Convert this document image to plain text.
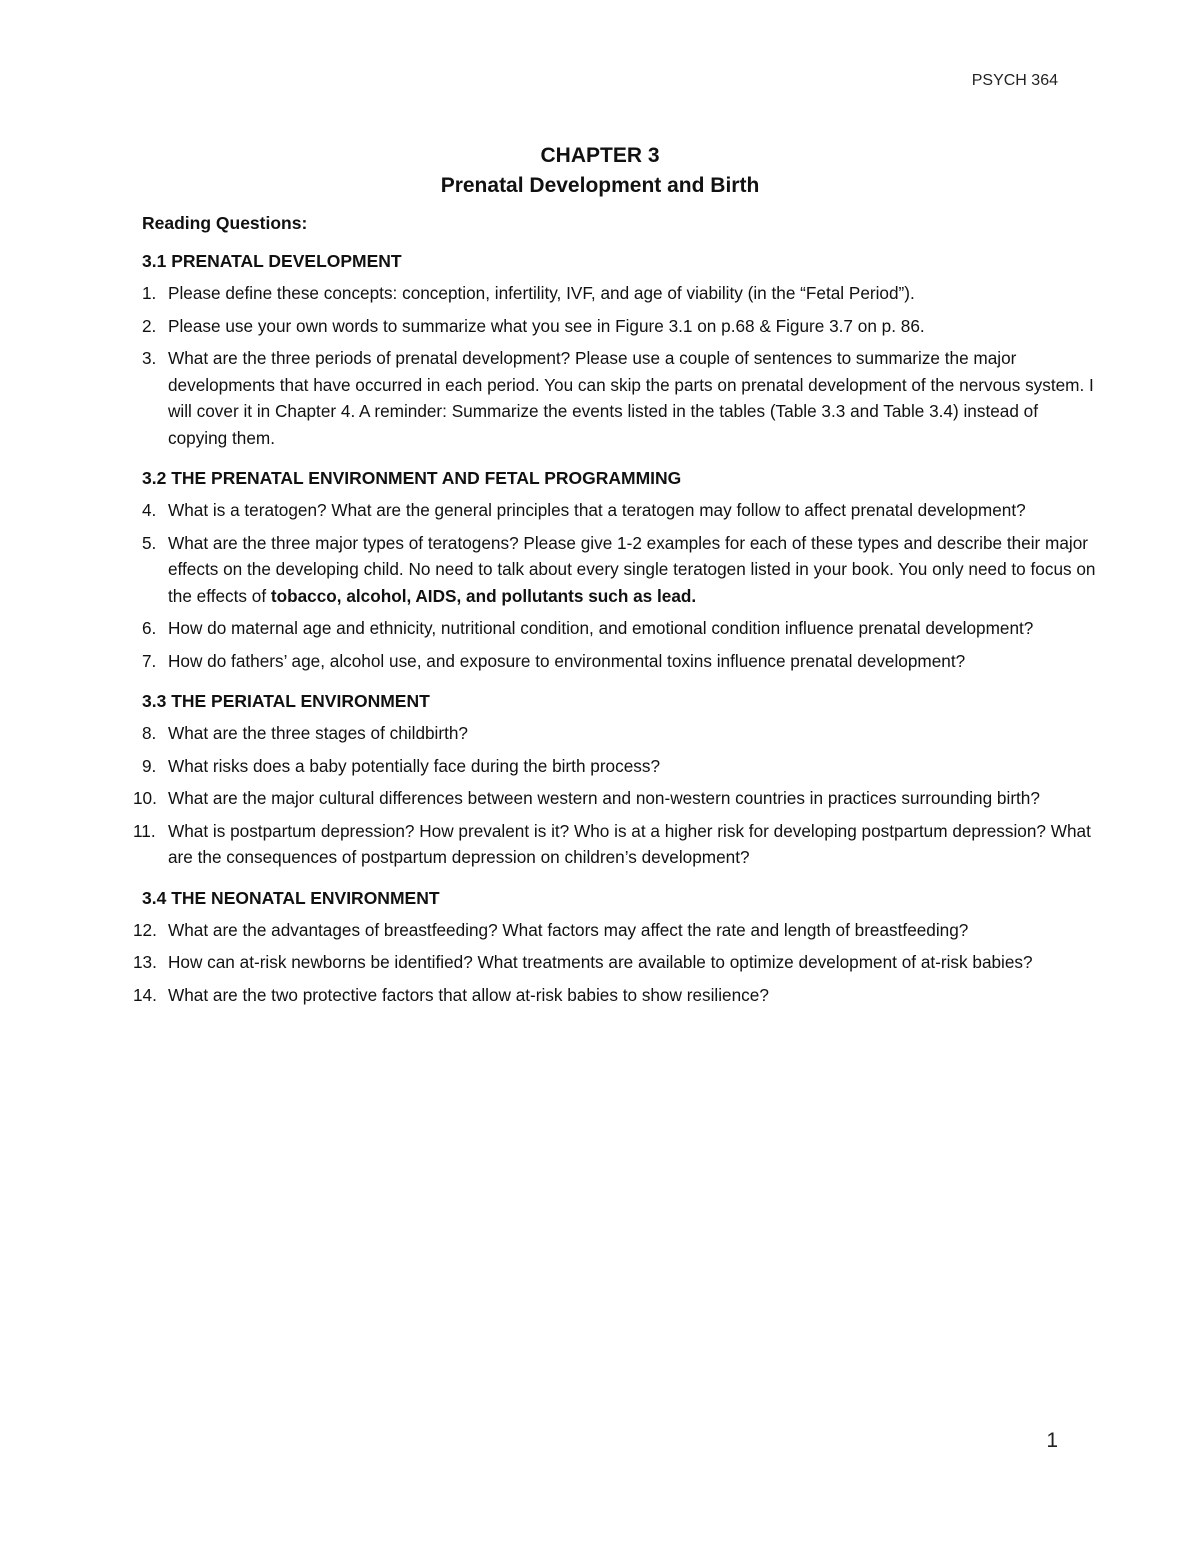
PSYCH 364
CHAPTER 3
Prenatal Development and Birth
Reading Questions:
3.1 PRENATAL DEVELOPMENT
1. Please define these concepts: conception, infertility, IVF, and age of viability (in the “Fetal Period”).
2. Please use your own words to summarize what you see in Figure 3.1 on p.68 & Figure 3.7 on p. 86.
3. What are the three periods of prenatal development? Please use a couple of sentences to summarize the major developments that have occurred in each period. You can skip the parts on prenatal development of the nervous system. I will cover it in Chapter 4. A reminder: Summarize the events listed in the tables (Table 3.3 and Table 3.4) instead of copying them.
3.2 THE PRENATAL ENVIRONMENT AND FETAL PROGRAMMING
4. What is a teratogen? What are the general principles that a teratogen may follow to affect prenatal development?
5. What are the three major types of teratogens? Please give 1-2 examples for each of these types and describe their major effects on the developing child. No need to talk about every single teratogen listed in your book. You only need to focus on the effects of tobacco, alcohol, AIDS, and pollutants such as lead.
6. How do maternal age and ethnicity, nutritional condition, and emotional condition influence prenatal development?
7. How do fathers’ age, alcohol use, and exposure to environmental toxins influence prenatal development?
3.3 THE PERIATAL ENVIRONMENT
8. What are the three stages of childbirth?
9. What risks does a baby potentially face during the birth process?
10. What are the major cultural differences between western and non-western countries in practices surrounding birth?
11. What is postpartum depression? How prevalent is it? Who is at a higher risk for developing postpartum depression? What are the consequences of postpartum depression on children’s development?
3.4 THE NEONATAL ENVIRONMENT
12. What are the advantages of breastfeeding? What factors may affect the rate and length of breastfeeding?
13. How can at-risk newborns be identified? What treatments are available to optimize development of at-risk babies?
14. What are the two protective factors that allow at-risk babies to show resilience?
1
